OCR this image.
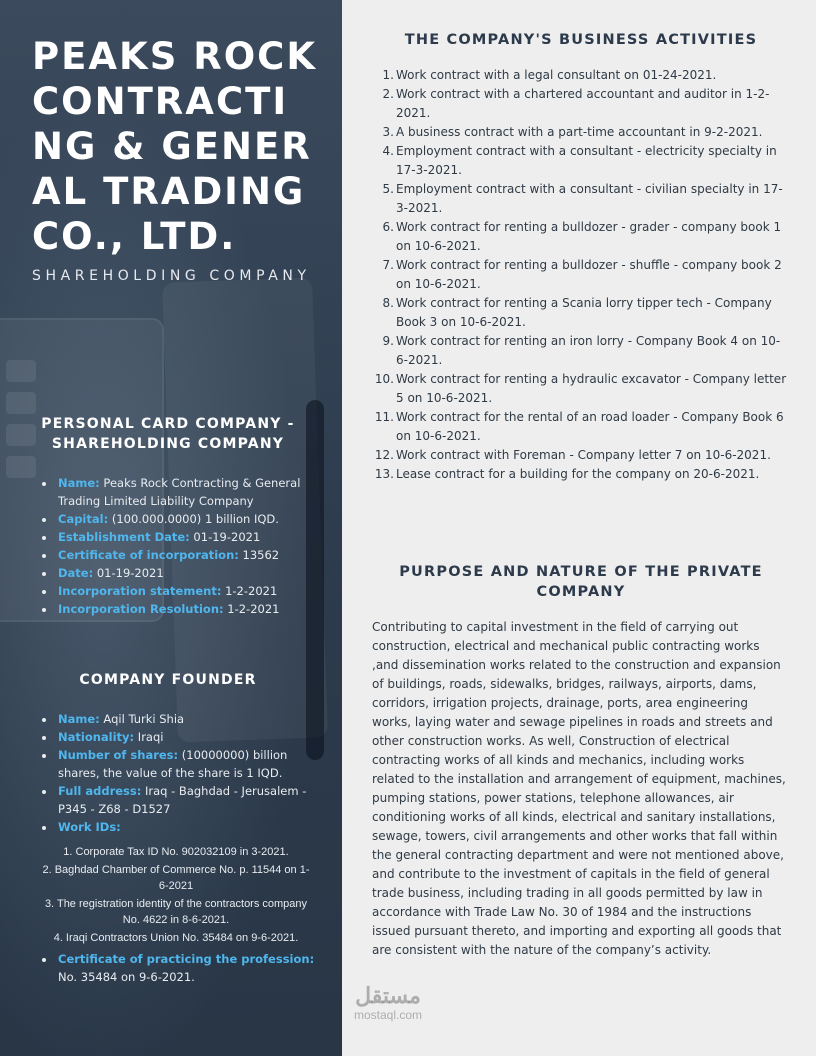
PEAKS ROCK CONTRACTING & GENERAL TRADING CO., LTD.
SHAREHOLDING COMPANY
PERSONAL CARD COMPANY - SHAREHOLDING COMPANY
• Name: Peaks Rock Contracting & General Trading Limited Liability Company
• Capital: (100.000.0000) 1 billion IQD.
• Establishment Date: 01-19-2021
• Certificate of incorporation: 13562
• Date: 01-19-2021
• Incorporation statement: 1-2-2021
• Incorporation Resolution: 1-2-2021
COMPANY FOUNDER
• Name: Aqil Turki Shia
• Nationality: Iraqi
• Number of shares: (10000000) billion shares, the value of the share is 1 IQD.
• Full address: Iraq - Baghdad - Jerusalem - P345 - Z68 - D1527
• Work IDs:
1. Corporate Tax ID No. 902032109 in 3-2021.
2. Baghdad Chamber of Commerce No. p. 11544 on 1-6-2021
3. The registration identity of the contractors company No. 4622 in 8-6-2021.
4. Iraqi Contractors Union No. 35484 on 9-6-2021.
• Certificate of practicing the profession: No. 35484 on 9-6-2021.
THE COMPANY'S BUSINESS ACTIVITIES
1. Work contract with a legal consultant on 01-24-2021.
2. Work contract with a chartered accountant and auditor in 1-2-2021.
3. A business contract with a part-time accountant in 9-2-2021.
4. Employment contract with a consultant - electricity specialty in 17-3-2021.
5. Employment contract with a consultant - civilian specialty in 17-3-2021.
6. Work contract for renting a bulldozer - grader - company book 1 on 10-6-2021.
7. Work contract for renting a bulldozer - shuffle - company book 2 on 10-6-2021.
8. Work contract for renting a Scania lorry tipper tech - Company Book 3 on 10-6-2021.
9. Work contract for renting an iron lorry - Company Book 4 on 10-6-2021.
10. Work contract for renting a hydraulic excavator - Company letter 5 on 10-6-2021.
11. Work contract for the rental of an road loader - Company Book 6 on 10-6-2021.
12. Work contract with Foreman - Company letter 7 on 10-6-2021.
13. Lease contract for a building for the company on 20-6-2021.
PURPOSE AND NATURE OF THE PRIVATE COMPANY

Contributing to capital investment in the field of carrying out construction, electrical and mechanical public contracting works ,and dissemination works related to the construction and expansion of buildings, roads, sidewalks, bridges, railways, airports, dams, corridors, irrigation projects, drainage, ports, area engineering works, laying water and sewage pipelines in roads and streets and other construction works. As well, Construction of electrical contracting works of all kinds and mechanics, including works related to the installation and arrangement of equipment, machines, pumping stations, power stations, telephone allowances, air conditioning works of all kinds, electrical and sanitary installations, sewage, towers, civil arrangements and other works that fall within the general contracting department and were not mentioned above, and contribute to the investment of capitals in the field of general trade business, including trading in all goods permitted by law in accordance with Trade Law No. 30 of 1984 and the instructions issued pursuant thereto, and importing and exporting all goods that are consistent with the nature of the company’s activity.

مستقل
mostaql.com
